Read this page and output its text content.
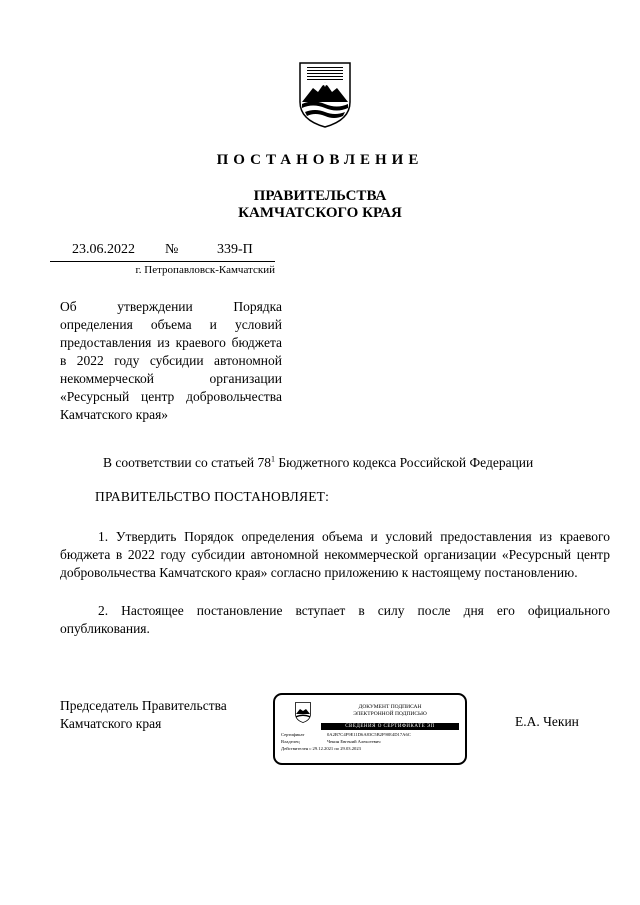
ПОСТАНОВЛЕНИЕ
ПРАВИТЕЛЬСТВА
КАМЧАТСКОГО КРАЯ
23.06.2022 №	339-П
г. Петропавловск-Камчатский
Об утверждении Порядка определения объема и условий предоставления из краевого бюджета в 2022 году субсидии автономной некоммерческой организации «Ресурсный центр добровольчества Камчатского края»
В соответствии со статьей $78^1$ Бюджетного кодекса Российской Федерации
ПРАВИТЕЛЬСТВО ПОСТАНОВЛЯЕТ:
1. Утвердить Порядок определения объема и условий предоставления из краевого бюджета в 2022 году субсидии автономной некоммерческой организации «Ресурсный центр добровольчества Камчатского края» согласно приложению к настоящему постановлению.
2. Настоящее постановление вступает в силу после дня его официального опубликования.
Председатель Правительства
Камчатского края	Е.А. Чекин
ДОКУМЕНТ ПОДПИСАН
ЭЛЕКТРОННОЙ ПОДПИСЬЮ
СВЕДЕНИЯ О СЕРТИФИКАТЕ ЭП
Сертификат	0A2B7C4F9E11D6A83C5B2F90E4D17A6C
Владелец	Чекин Евгений Алексеевич
Действителен с 29.12.2021 по 29.03.2023
